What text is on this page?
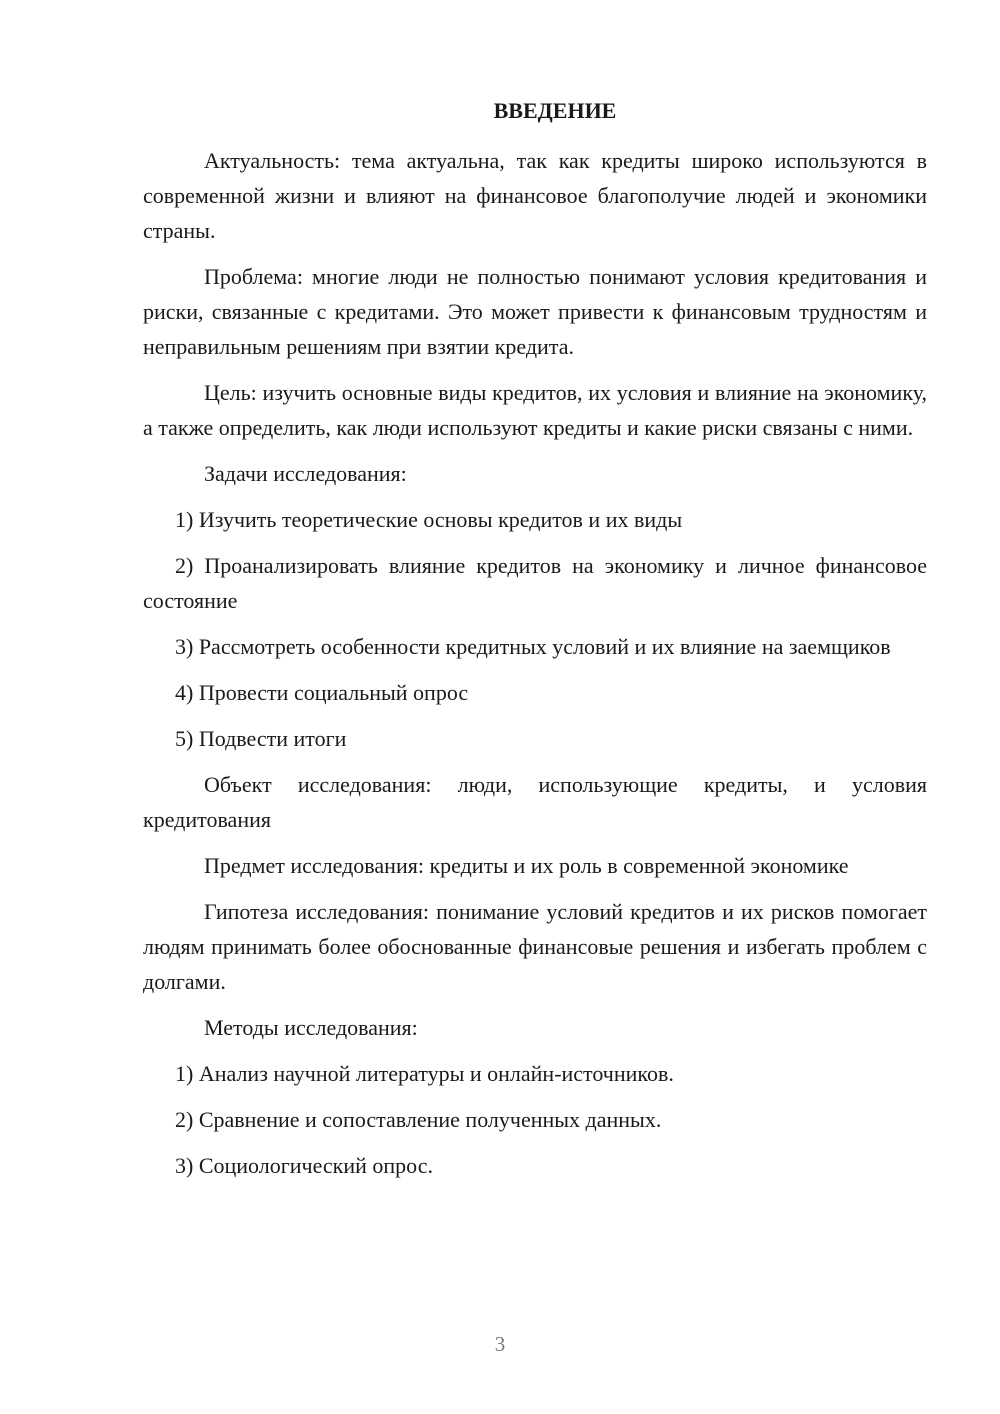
ВВЕДЕНИЕ

Актуальность: тема актуальна, так как кредиты широко используются в современной жизни и влияют на финансовое благополучие людей и экономики страны.

Проблема: многие люди не полностью понимают условия кредитования и риски, связанные с кредитами. Это может привести к финансовым трудностям и неправильным решениям при взятии кредита.

Цель: изучить основные виды кредитов, их условия и влияние на экономику, а также определить, как люди используют кредиты и какие риски связаны с ними.

Задачи исследования:

1) Изучить теоретические основы кредитов и их виды

2) Проанализировать влияние кредитов на экономику и личное финансовое состояние

3) Рассмотреть особенности кредитных условий и их влияние на заемщиков

4) Провести социальный опрос

5) Подвести итоги

Объект исследования: люди, использующие кредиты, и условия кредитования

Предмет исследования: кредиты и их роль в современной экономике

Гипотеза исследования: понимание условий кредитов и их рисков помогает людям принимать более обоснованные финансовые решения и избегать проблем с долгами.

Методы исследования:

1) Анализ научной литературы и онлайн-источников.

2) Сравнение и сопоставление полученных данных.

3) Социологический опрос.

3
